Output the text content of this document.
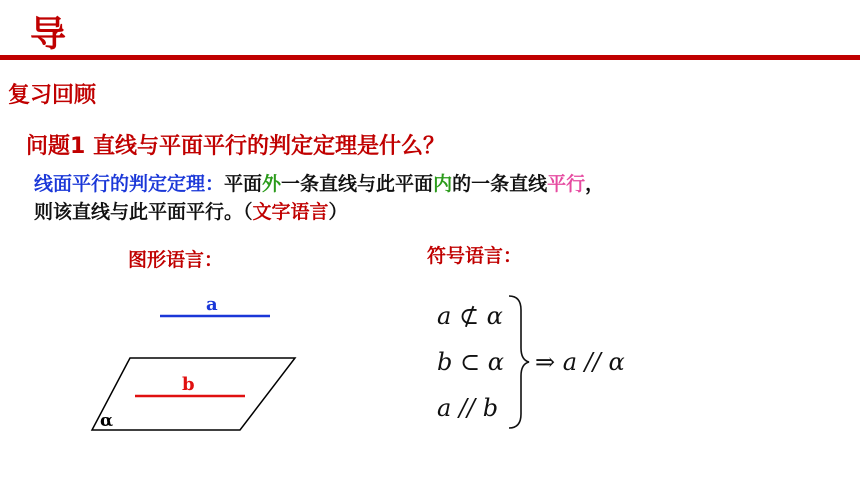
导
复习回顾
问题1 直线与平面平行的判定定理是什么？
线面平行的判定定理：平面外一条直线与此平面内的一条直线平行，
则该直线与此平面平行。（文字语言）
图形语言：	符号语言：
a
b
α
a ⊄ α
b ⊂ α
a // b
⇒ a // α
